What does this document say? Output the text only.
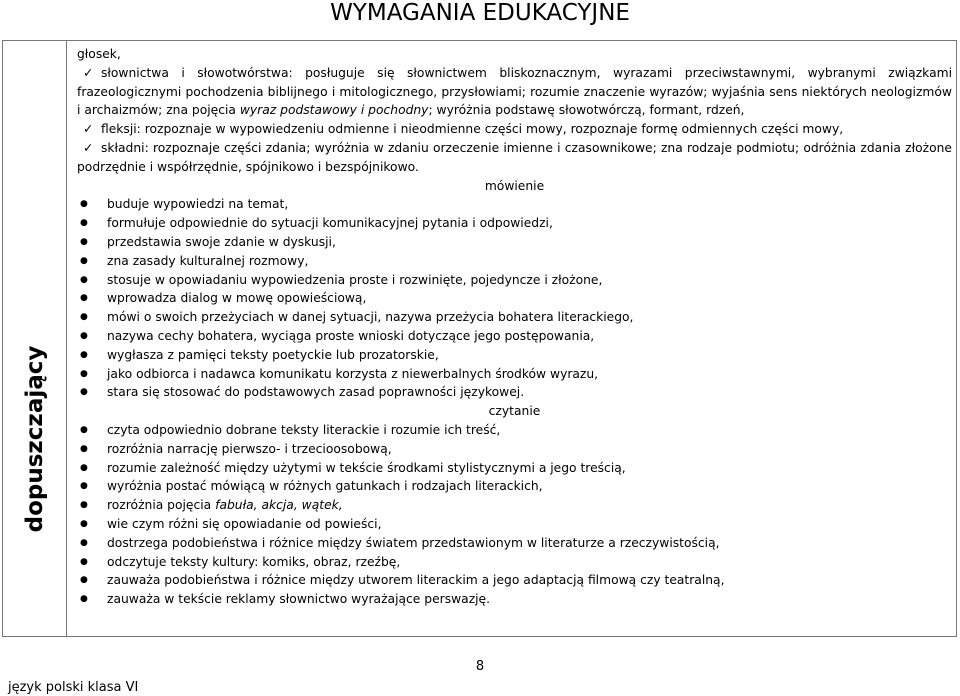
WYMAGANIA EDUKACYJNE
dopuszczający

głosek,

✓ słownictwa i słowotwórstwa: posługuje się słownictwem bliskoznacznym, wyrazami przeciwstawnymi, wybranymi związkami frazeologicznymi pochodzenia biblijnego i mitologicznego, przysłowiami; rozumie znaczenie wyrazów; wyjaśnia sens niektórych neologizmów i archaizmów; zna pojęcia wyraz podstawowy i pochodny; wyróżnia podstawę słowotwórczą, formant, rdzeń,

✓ fleksji: rozpoznaje w wypowiedzeniu odmienne i nieodmienne części mowy, rozpoznaje formę odmiennych części mowy,

✓ składni: rozpoznaje części zdania; wyróżnia w zdaniu orzeczenie imienne i czasownikowe; zna rodzaje podmiotu; odróżnia zdania złożone podrzędnie i współrzędnie, spójnikowo i bezspójnikowo.

mówienie

● buduje wypowiedzi na temat,
● formułuje odpowiednie do sytuacji komunikacyjnej pytania i odpowiedzi,
● przedstawia swoje zdanie w dyskusji,
● zna zasady kulturalnej rozmowy,
● stosuje w opowiadaniu wypowiedzenia proste i rozwinięte, pojedyncze i złożone,
● wprowadza dialog w mowę opowieściową,
● mówi o swoich przeżyciach w danej sytuacji, nazywa przeżycia bohatera literackiego,
● nazywa cechy bohatera, wyciąga proste wnioski dotyczące jego postępowania,
● wygłasza z pamięci teksty poetyckie lub prozatorskie,
● jako odbiorca i nadawca komunikatu korzysta z niewerbalnych środków wyrazu,
● stara się stosować do podstawowych zasad poprawności językowej.

czytanie

● czyta odpowiednio dobrane teksty literackie i rozumie ich treść,
● rozróżnia narrację pierwszo- i trzecioosobową,
● rozumie zależność między użytymi w tekście środkami stylistycznymi a jego treścią,
● wyróżnia postać mówiącą w różnych gatunkach i rodzajach literackich,
● rozróżnia pojęcia fabuła, akcja, wątek,
● wie czym różni się opowiadanie od powieści,
● dostrzega podobieństwa i różnice między światem przedstawionym w literaturze a rzeczywistością,
● odczytuje teksty kultury: komiks, obraz, rzeźbę,
● zauważa podobieństwa i różnice między utworem literackim a jego adaptacją filmową czy teatralną,
● zauważa w tekście reklamy słownictwo wyrażające perswazję.
8
język polski klasa VI
